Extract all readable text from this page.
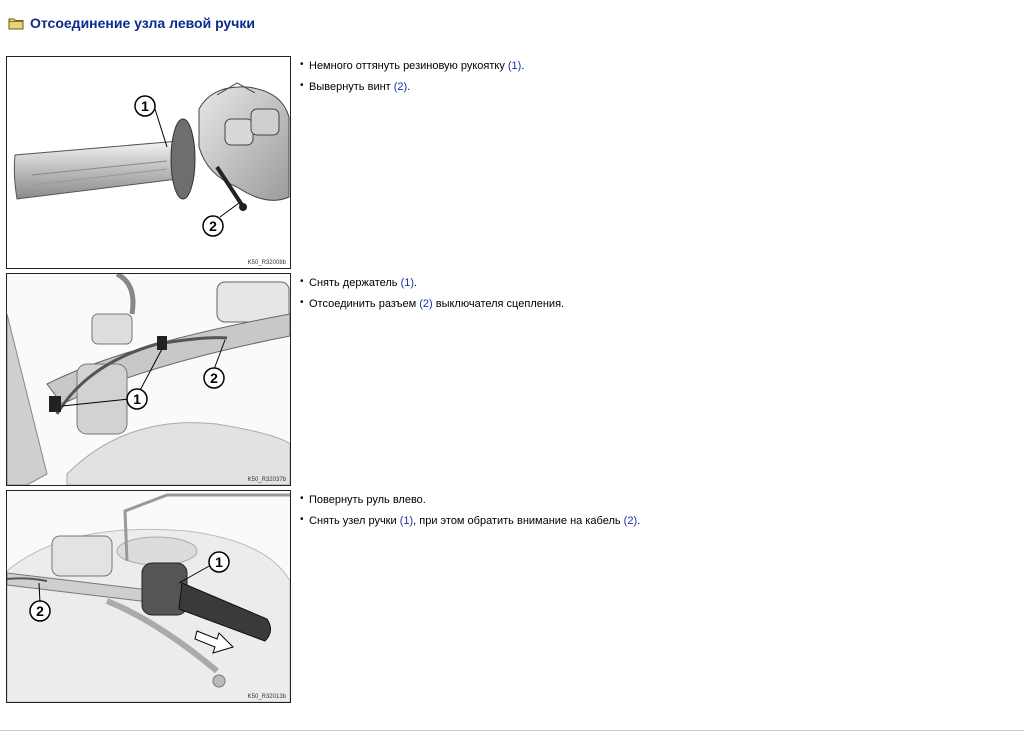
Отсоединение узла левой ручки
1
2
K50_R32008b
• Немного оттянуть резиновую рукоятку (1).
• Вывернуть винт (2).
1
2
K50_R32037b
• Снять держатель (1).
• Отсоединить разъем (2) выключателя сцепления.
1
2
K50_R32013b
• Повернуть руль влево.
• Снять узел ручки (1), при этом обратить внимание на кабель (2).
